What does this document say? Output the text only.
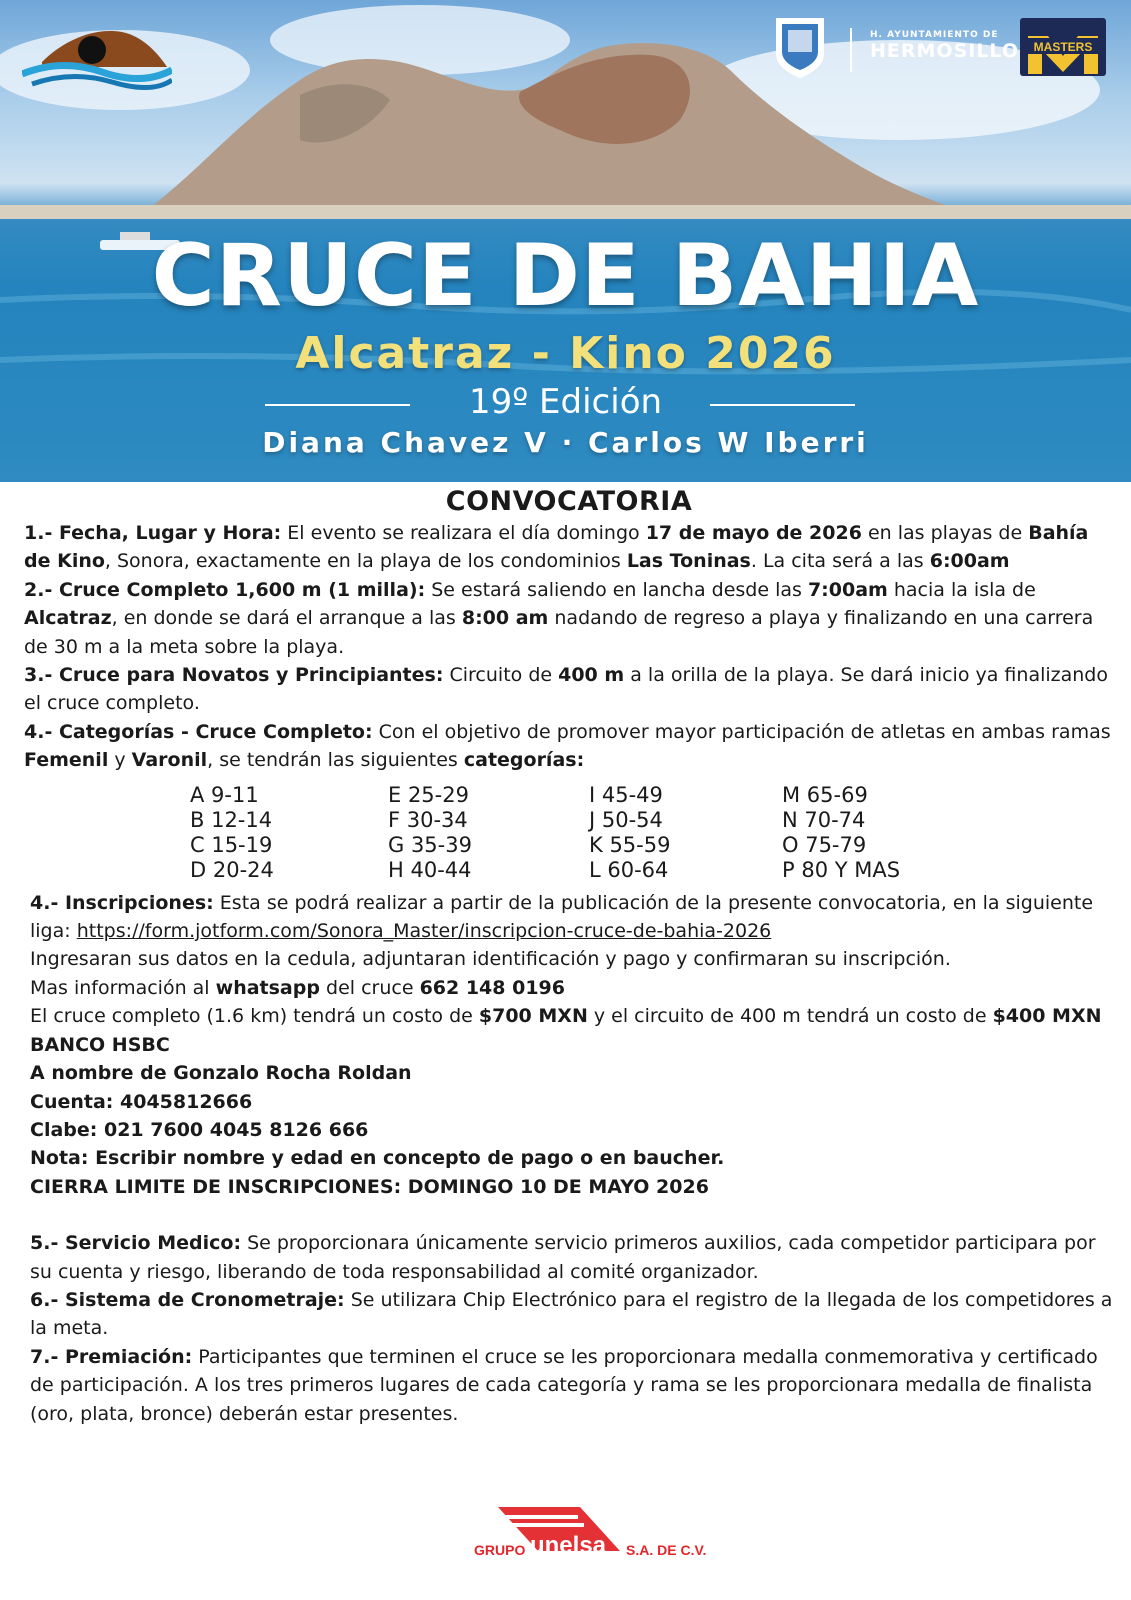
H. AYUNTAMIENTO DE
HERMOSILLO MASTERS
CRUCE DE BAHIA
Alcatraz - Kino 2026
19º Edición
Diana Chavez V · Carlos W Iberri
CONVOCATORIA

1.- Fecha, Lugar y Hora: El evento se realizara el día domingo 17 de mayo de 2026 en las playas de Bahía de Kino, Sonora, exactamente en la playa de los condominios Las Toninas. La cita será a las 6:00am

2.- Cruce Completo 1,600 m (1 milla): Se estará saliendo en lancha desde las 7:00am hacia la isla de Alcatraz, en donde se dará el arranque a las 8:00 am nadando de regreso a playa y finalizando en una carrera de 30 m a la meta sobre la playa.

3.- Cruce para Novatos y Principiantes: Circuito de 400 m a la orilla de la playa. Se dará inicio ya finalizando el cruce completo.

4.- Categorías - Cruce Completo: Con el objetivo de promover mayor participación de atletas en ambas ramas Femenil y Varonil, se tendrán las siguientes categorías:

A 9-11	E 25-29	I 45-49	M 65-69
B 12-14	F 30-34	J 50-54	N 70-74
C 15-19	G 35-39	K 55-59	O 75-79
D 20-24	H 40-44	L 60-64	P 80 Y MAS

4.- Inscripciones: Esta se podrá realizar a partir de la publicación de la presente convocatoria, en la siguiente liga: https://form.jotform.com/Sonora_Master/inscripcion-cruce-de-bahia-2026

Ingresaran sus datos en la cedula, adjuntaran identificación y pago y confirmaran su inscripción.

Mas información al whatsapp del cruce 662 148 0196

El cruce completo (1.6 km) tendrá un costo de $700 MXN y el circuito de 400 m tendrá un costo de $400 MXN

BANCO HSBC

A nombre de Gonzalo Rocha Roldan

Cuenta: 4045812666

Clabe: 021 7600 4045 8126 666

Nota: Escribir nombre y edad en concepto de pago o en baucher.

CIERRA LIMITE DE INSCRIPCIONES: DOMINGO 10 DE MAYO 2026

5.- Servicio Medico: Se proporcionara únicamente servicio primeros auxilios, cada competidor participara por su cuenta y riesgo, liberando de toda responsabilidad al comité organizador.

6.- Sistema de Cronometraje: Se utilizara Chip Electrónico para el registro de la llegada de los competidores a la meta.

7.- Premiación: Participantes que terminen el cruce se les proporcionara medalla conmemorativa y certificado de participación. A los tres primeros lugares de cada categoría y rama se les proporcionara medalla de finalista (oro, plata, bronce) deberán estar presentes.

GRUPO unelsa S.A. DE C.V.
